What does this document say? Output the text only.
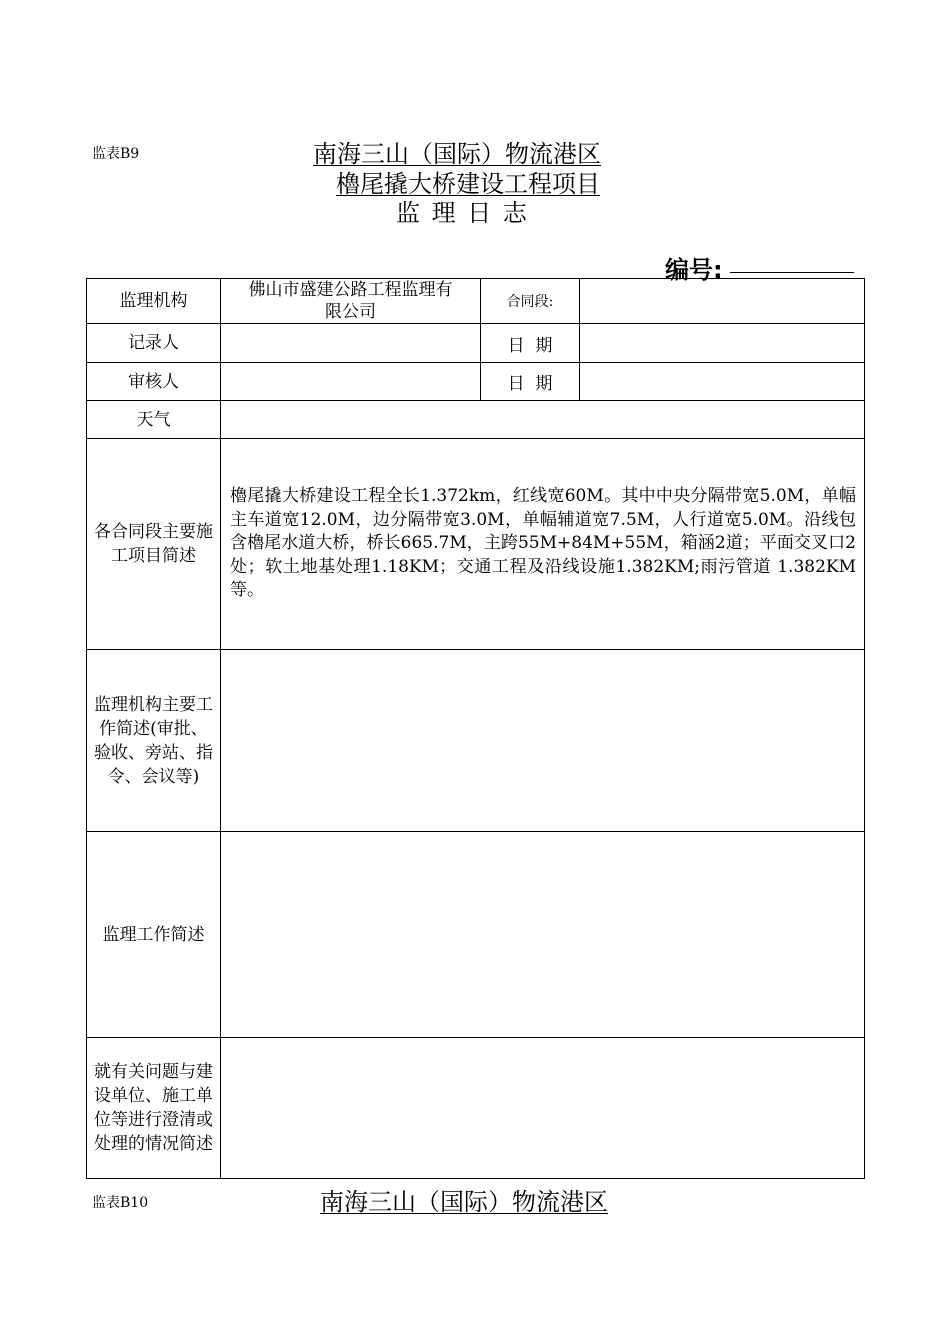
监表B9	南海三山（国际）物流港区
櫓尾撬大桥建设工程项目
监 理 日 志
编号:
监理机构	佛山市盛建公路工程监理有限公司	合同段:	
记录人		日  期	
审核人		日  期	
天气			
各合同段主要施工项目简述	櫓尾撬大桥建设工程全长1.372km，红线宽60M。其中中央分隔带宽5.0M，单幅主车道宽12.0M，边分隔带宽3.0M，单幅辅道宽7.5M，人行道宽5.0M。沿线包含櫓尾水道大桥，桥长665.7M，主跨55M+84M+55M，箱涵2道；平面交叉口2处；软土地基处理1.18KM；交通工程及沿线设施1.382KM;雨污管道 1.382KM等。		
监理机构主要工作简述(审批、验收、旁站、指令、会议等)			
监理工作简述			
就有关问题与建设单位、施工单位等进行澄清或处理的情况简述			
监表B10	南海三山（国际）物流港区
